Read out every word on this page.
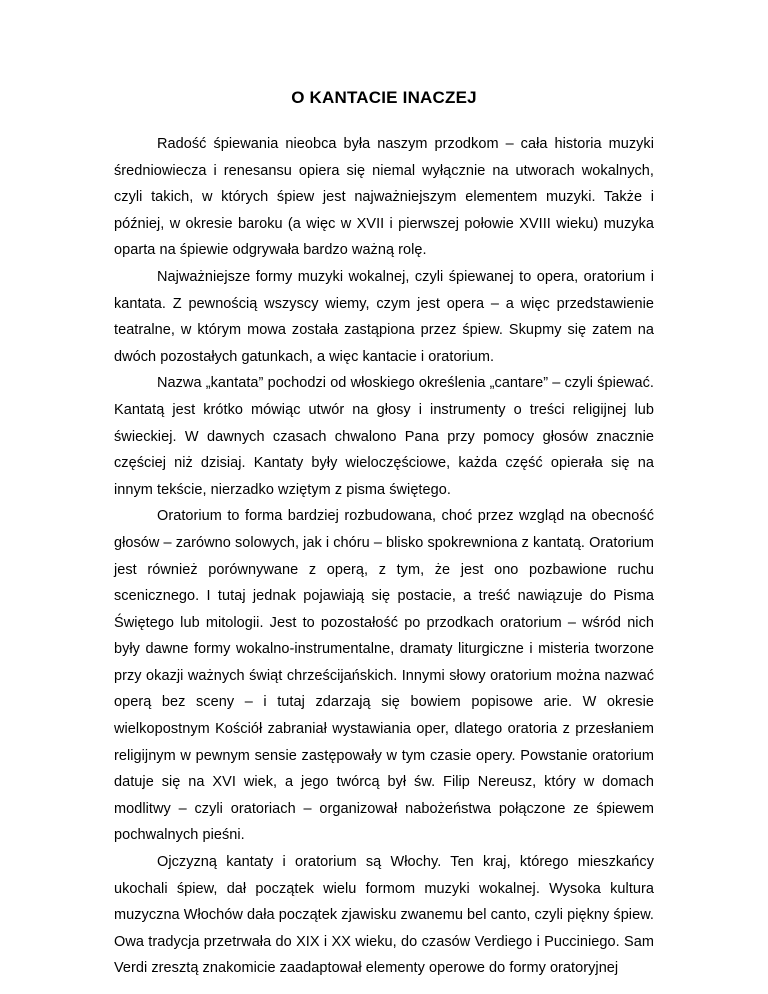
O KANTACIE INACZEJ

Radość śpiewania nieobca była naszym przodkom – cała historia muzyki średniowiecza i renesansu opiera się niemal wyłącznie na utworach wokalnych, czyli takich, w których śpiew jest najważniejszym elementem muzyki. Także i później, w okresie baroku (a więc w XVII i pierwszej połowie XVIII wieku) muzyka oparta na śpiewie odgrywała bardzo ważną rolę.

Najważniejsze formy muzyki wokalnej, czyli śpiewanej to opera, oratorium i kantata. Z pewnością wszyscy wiemy, czym jest opera – a więc przedstawienie teatralne, w którym mowa została zastąpiona przez śpiew. Skupmy się zatem na dwóch pozostałych gatunkach, a więc kantacie i oratorium.

Nazwa „kantata” pochodzi od włoskiego określenia „cantare” – czyli śpiewać. Kantatą jest krótko mówiąc utwór na głosy i instrumenty o treści religijnej lub świeckiej. W dawnych czasach chwalono Pana przy pomocy głosów znacznie częściej niż dzisiaj. Kantaty były wieloczęściowe, każda część opierała się na innym tekście, nierzadko wziętym z pisma świętego.

Oratorium to forma bardziej rozbudowana, choć przez wzgląd na obecność głosów – zarówno solowych, jak i chóru – blisko spokrewniona z kantatą. Oratorium jest również porównywane z operą, z tym, że jest ono pozbawione ruchu scenicznego. I tutaj jednak pojawiają się postacie, a treść nawiązuje do Pisma Świętego lub mitologii. Jest to pozostałość po przodkach oratorium – wśród nich były dawne formy wokalno-instrumentalne, dramaty liturgiczne i misteria tworzone przy okazji ważnych świąt chrześcijańskich. Innymi słowy oratorium można nazwać operą bez sceny – i tutaj zdarzają się bowiem popisowe arie. W okresie wielkopostnym Kościół zabraniał wystawiania oper, dlatego oratoria z przesłaniem religijnym w pewnym sensie zastępowały w tym czasie opery. Powstanie oratorium datuje się na XVI wiek, a jego twórcą był św. Filip Nereusz, który w domach modlitwy – czyli oratoriach – organizował nabożeństwa połączone ze śpiewem pochwalnych pieśni.

Ojczyzną kantaty i oratorium są Włochy. Ten kraj, którego mieszkańcy ukochali śpiew, dał początek wielu formom muzyki wokalnej. Wysoka kultura muzyczna Włochów dała początek zjawisku zwanemu bel canto, czyli piękny śpiew. Owa tradycja przetrwała do XIX i XX wieku, do czasów Verdiego i Pucciniego. Sam Verdi zresztą znakomicie zaadaptował elementy operowe do formy oratoryjnej
